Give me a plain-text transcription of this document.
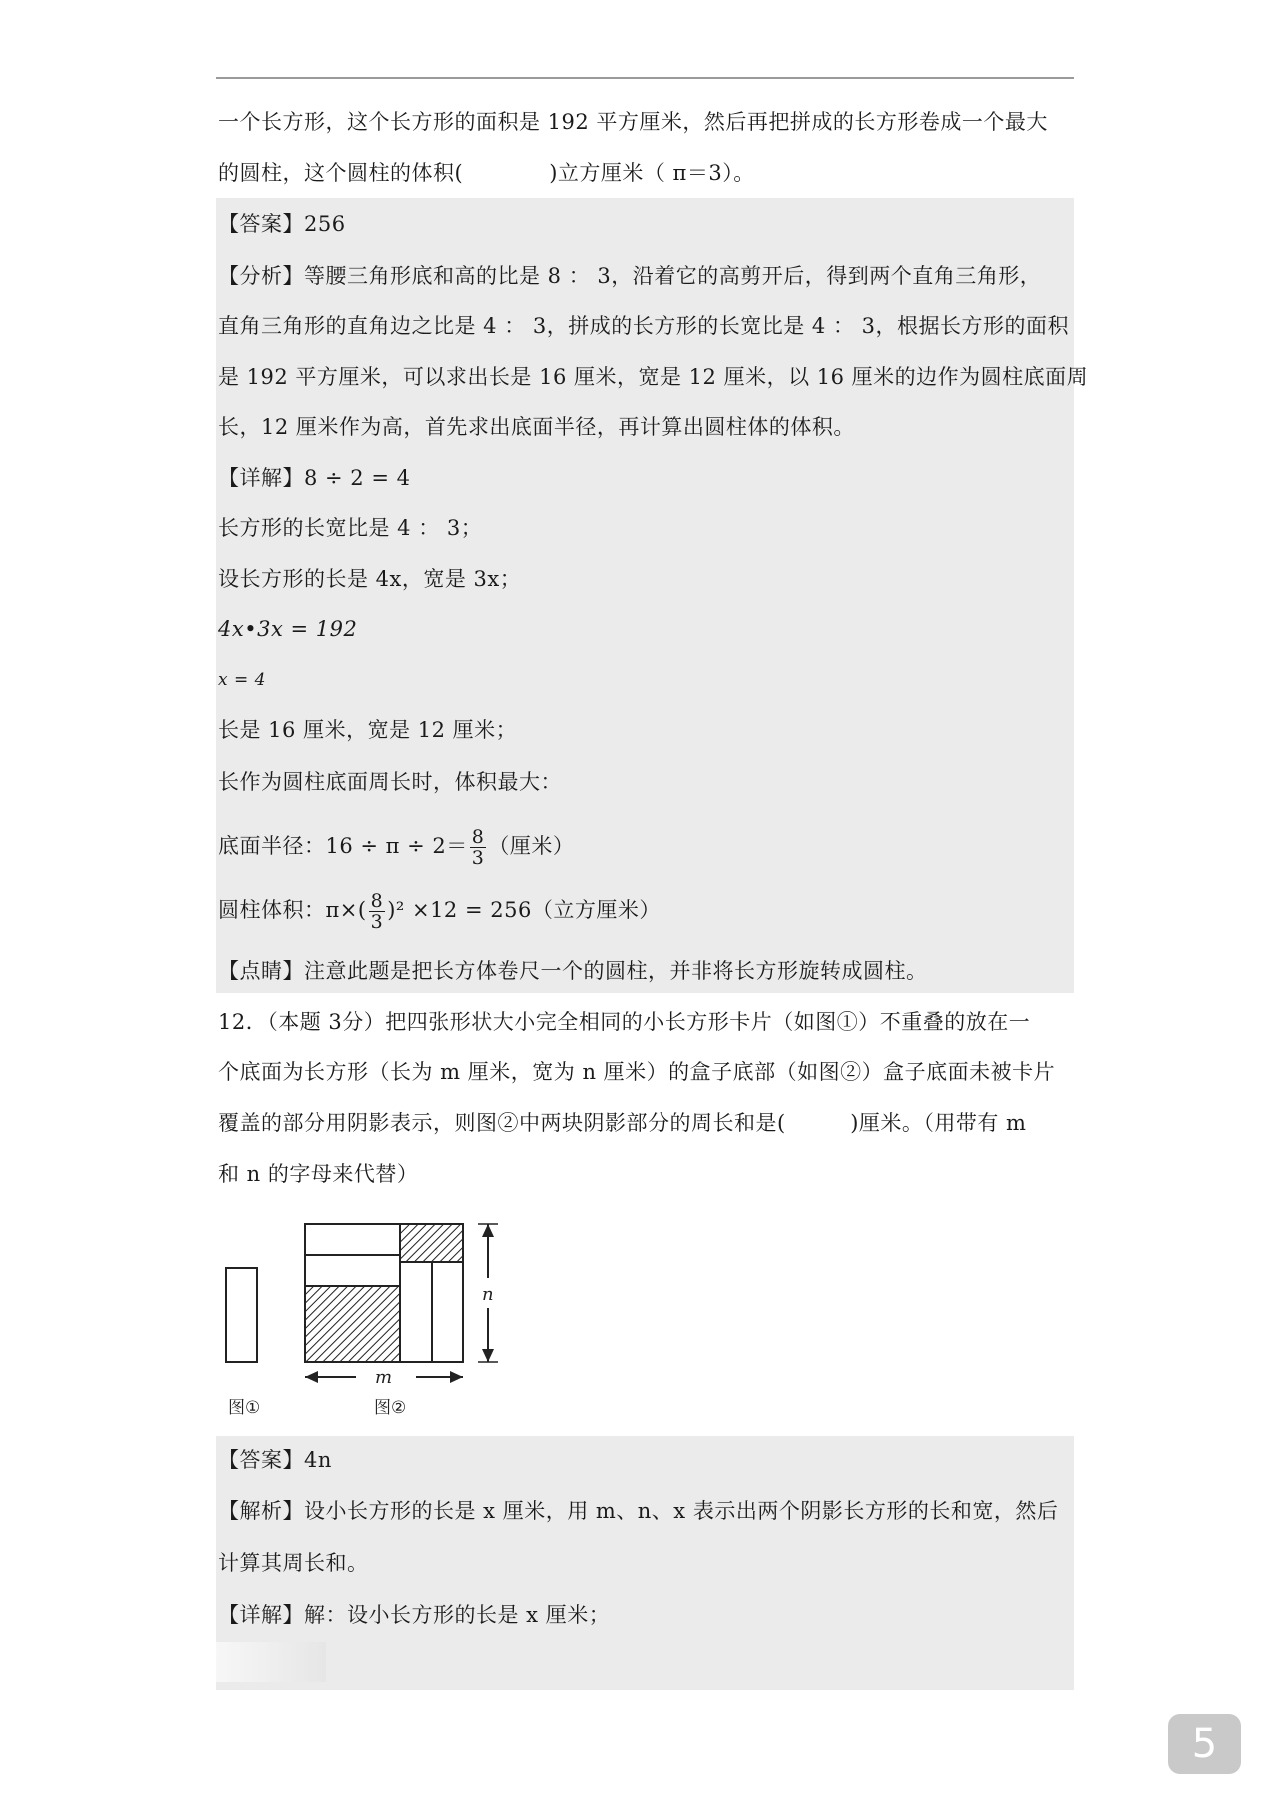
一个长方形，这个长方形的面积是 192 平方厘米，然后再把拼成的长方形卷成一个最大
的圆柱，这个圆柱的体积(　　　　)立方厘米（ π＝3）。
【答案】256
【分析】等腰三角形底和高的比是 8 ： 3，沿着它的高剪开后，得到两个直角三角形，
直角三角形的直角边之比是 4 ： 3，拼成的长方形的长宽比是 4 ： 3，根据长方形的面积
是 192 平方厘米，可以求出长是 16 厘米，宽是 12 厘米，以 16 厘米的边作为圆柱底面周
长，12 厘米作为高，首先求出底面半径，再计算出圆柱体的体积。
【详解】8 ÷ 2 = 4
长方形的长宽比是 4 ： 3；
设长方形的长是 4x，宽是 3x；
4x•3x = 192
x = 4
长是 16 厘米，宽是 12 厘米；
长作为圆柱底面周长时，体积最大：
底面半径：$16 \div \pi \div 2= \frac{8}{3}$ （厘米）
圆柱体积：$\pi\times( \frac{8}{3} )^2 \times 12 = 256$（立方厘米）
【点睛】注意此题是把长方体卷尺一个的圆柱，并非将长方形旋转成圆柱。
12．（本题 3分）把四张形状大小完全相同的小长方形卡片（如图①）不重叠的放在一
个底面为长方形（长为 m 厘米，宽为 n 厘米）的盒子底部（如图②）盒子底面未被卡片
覆盖的部分用阴影表示，则图②中两块阴影部分的周长和是(　　　)厘米。（用带有 m
和 n 的字母来代替）
n
m
图①	图②
【答案】4n
【解析】设小长方形的长是 x 厘米，用 m、n、x 表示出两个阴影长方形的长和宽，然后
计算其周长和。
【详解】解：设小长方形的长是 x 厘米；
5
